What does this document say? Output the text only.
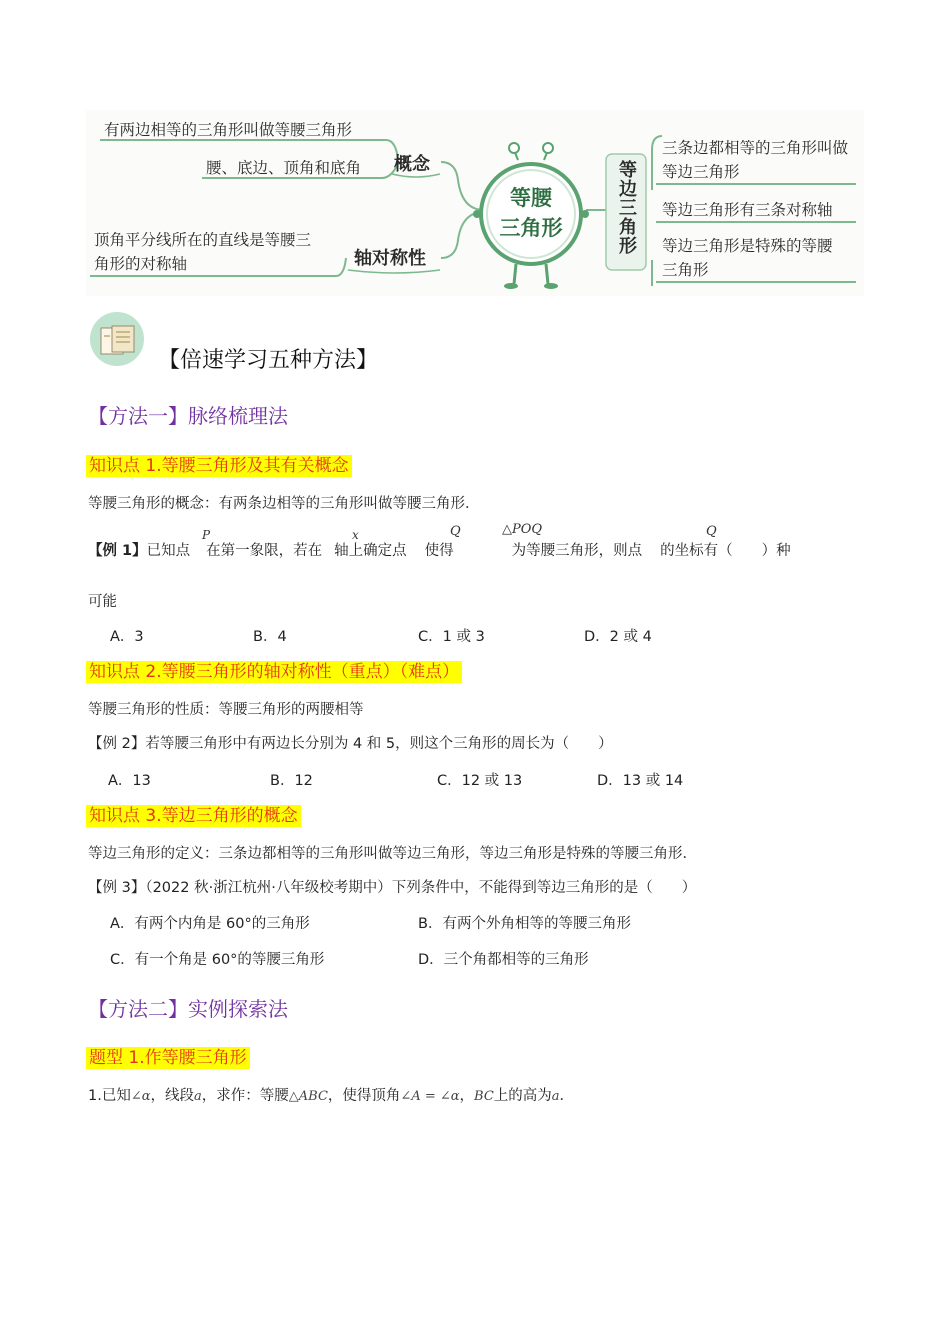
有两边相等的三角形叫做等腰三角形
腰、底边、顶角和底角 概念
顶角平分线所在的直线是等腰三
角形的对称轴	轴对称性
等腰
三角形	等边三角形
三条边都相等的三角形叫做
等边三角形
等边三角形有三条对称轴
等边三角形是特殊的等腰
三角形
【倍速学习五种方法】
【方法一】脉络梳理法
知识点 1.等腰三角形及其有关概念
等腰三角形的概念：有两条边相等的三角形叫做等腰三角形．
【例 1】已知点 在第一象限，若在 轴上确定点 使得	为等腰三角形，则点 的坐标有（　　）种
P	x	Q	△POQ	Q
可能
A．3	B．4	C．1 或 3	D．2 或 4
知识点 2.等腰三角形的轴对称性（重点）（难点）
等腰三角形的性质：等腰三角形的两腰相等
【例 2】若等腰三角形中有两边长分别为 4 和 5，则这个三角形的周长为（　　）
A．13	B．12	C．12 或 13	D．13 或 14
知识点 3.等边三角形的概念
等边三角形的定义：三条边都相等的三角形叫做等边三角形，等边三角形是特殊的等腰三角形．
【例 3】（2022 秋·浙江杭州·八年级校考期中）下列条件中，不能得到等边三角形的是（　　）
A．有两个内角是 60°的三角形	B．有两个外角相等的等腰三角形
C．有一个角是 60°的等腰三角形	D．三个角都相等的三角形
【方法二】实例探索法
题型 1.作等腰三角形
1.已知∠α，线段a，求作：等腰△ABC，使得顶角∠A = ∠α，BC上的高为a．
